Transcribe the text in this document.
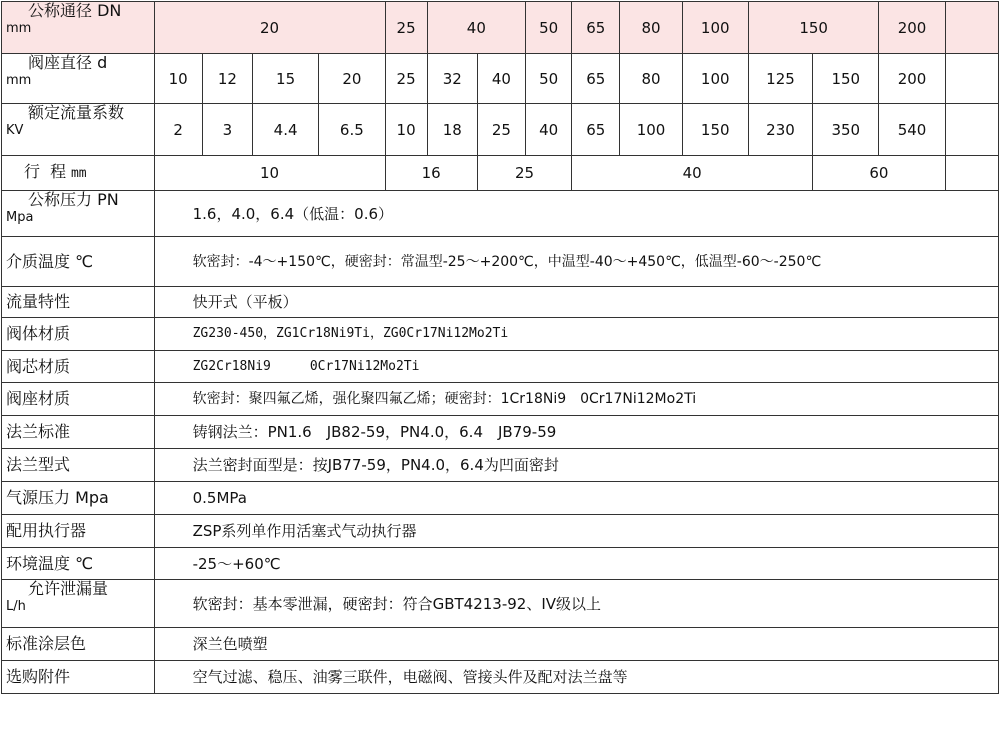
公称通径 DN
mm	20				25	40		50	65	80	100	150		200	

阀座直径 d
mm	10	12	15	20	25	32	40	50	65	80	100	125	150	200	

额定流量系数
KV	2	3	4.4	6.5	10	18	25	40	65	100	150	230	350	540	
行  程 mm	10				16		25		40				60		

公称压力 PN
Mpa	1.6，4.0，6.4（低温：0.6）														
介质温度 ℃	软密封：-4～+150℃，硬密封：常温型-25～+200℃，中温型-40～+450℃，低温型-60～-250℃														
流量特性	快开式（平板）														
阀体材质	ZG230-450，ZG1Cr18Ni9Ti，ZG0Cr17Ni12Mo2Ti														
阀芯材质	ZG2Cr18Ni9　　　0Cr17Ni12Mo2Ti														
阀座材质	软密封：聚四氟乙烯，强化聚四氟乙烯；硬密封：1Cr18Ni9　0Cr17Ni12Mo2Ti														
法兰标准	铸钢法兰：PN1.6　JB82-59，PN4.0，6.4　JB79-59														
法兰型式	法兰密封面型是：按JB77-59，PN4.0，6.4为凹面密封														
气源压力 Mpa	0.5MPa														
配用执行器	ZSP系列单作用活塞式气动执行器														
环境温度 ℃	-25～+60℃														

允许泄漏量
L/h	软密封：基本零泄漏，硬密封：符合GBT4213-92、IV级以上														
标准涂层色	深兰色喷塑														
选购附件	空气过滤、稳压、油雾三联件，电磁阀、管接头件及配对法兰盘等														
